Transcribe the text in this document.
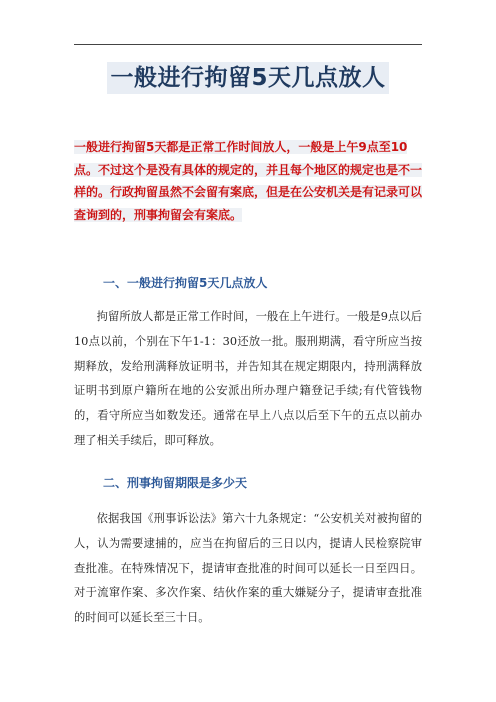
一般进行拘留5天几点放人
一般进行拘留5天都是正常工作时间放人，一般是上午9点至10点。不过这个是没有具体的规定的，并且每个地区的规定也是不一样的。行政拘留虽然不会留有案底，但是在公安机关是有记录可以查询到的，刑事拘留会有案底。
一、一般进行拘留5天几点放人
拘留所放人都是正常工作时间，一般在上午进行。一般是9点以后10点以前，个别在下午1-1：30还放一批。服刑期满，看守所应当按期释放，发给刑满释放证明书，并告知其在规定期限内，持刑满释放证明书到原户籍所在地的公安派出所办理户籍登记手续;有代管钱物的，看守所应当如数发还。通常在早上八点以后至下午的五点以前办理了相关手续后，即可释放。
二、刑事拘留期限是多少天
依据我国《刑事诉讼法》第六十九条规定：“公安机关对被拘留的人，认为需要逮捕的，应当在拘留后的三日以内，提请人民检察院审查批准。在特殊情况下，提请审查批准的时间可以延长一日至四日。对于流窜作案、多次作案、结伙作案的重大嫌疑分子，提请审查批准的时间可以延长至三十日。
